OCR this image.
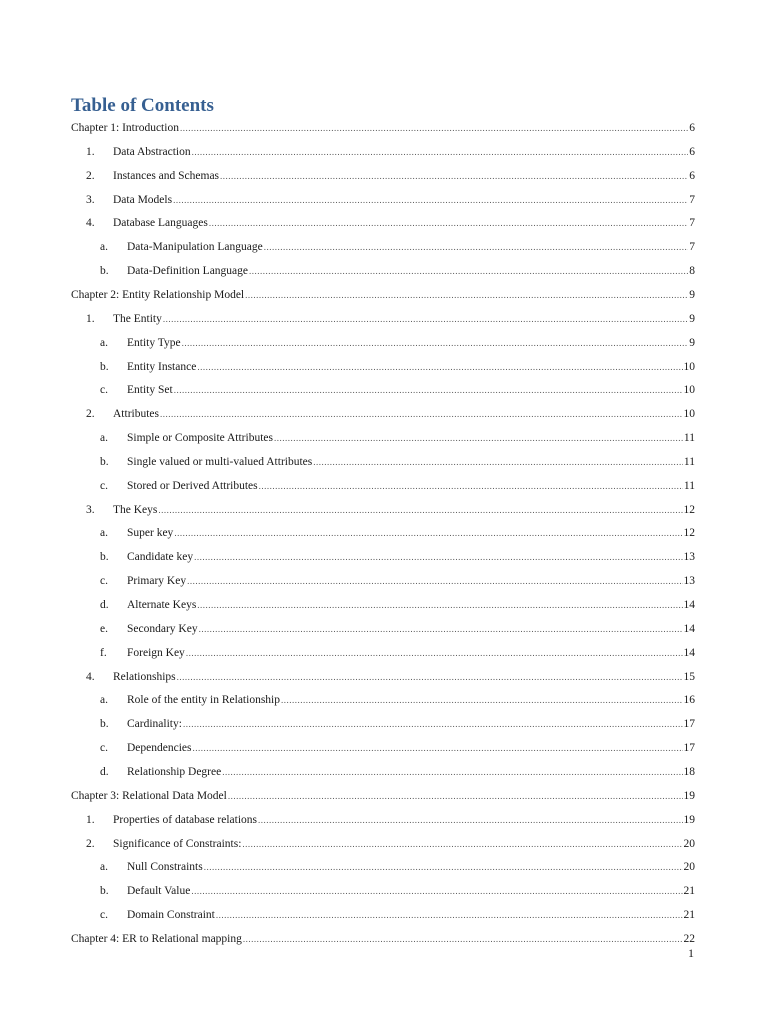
Table of Contents
Chapter 1: Introduction .....	6
1.	Data Abstraction .....	6
2.	Instances and Schemas .....	6
3.	Data Models .....	7
4.	Database Languages .....	7
a.	Data-Manipulation Language .....	7
b.	Data-Definition Language .....	8
Chapter 2: Entity Relationship Model .....	9
1.	The Entity .....	9
a.	Entity Type .....	9
b.	Entity Instance .....	10
c.	Entity Set .....	10
2.	Attributes .....	10
a.	Simple or Composite Attributes .....	11
b.	Single valued or multi-valued Attributes .....	11
c.	Stored or Derived Attributes .....	11
3.	The Keys .....	12
a.	Super key .....	12
b.	Candidate key .....	13
c.	Primary Key .....	13
d.	Alternate Keys .....	14
e.	Secondary Key .....	14
f.	Foreign Key .....	14
4.	Relationships .....	15
a.	Role of the entity in Relationship .....	16
b.	Cardinality: .....	17
c.	Dependencies .....	17
d.	Relationship Degree .....	18
Chapter 3: Relational Data Model .....	19
1.	Properties of database relations .....	19
2.	Significance of Constraints: .....	20
a.	Null Constraints .....	20
b.	Default Value .....	21
c.	Domain Constraint .....	21
Chapter 4: ER to Relational mapping .....	22
1
